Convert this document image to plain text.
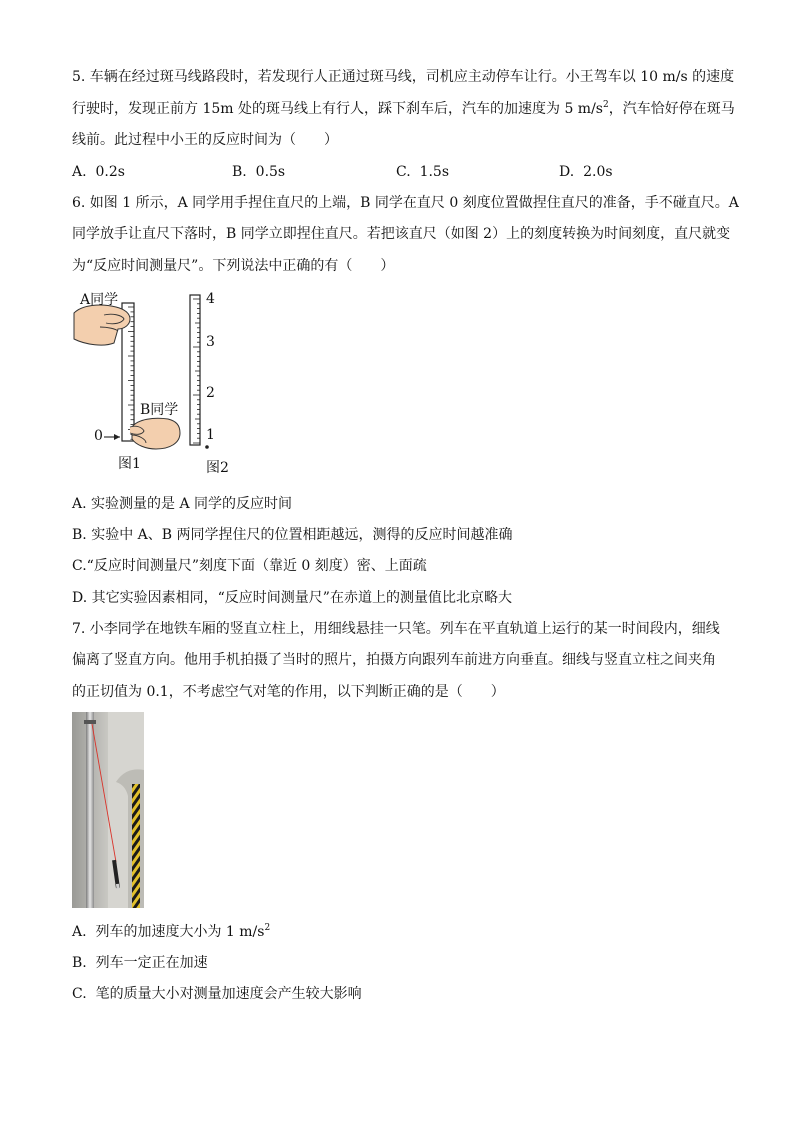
5. 车辆在经过斑马线路段时，若发现行人正通过斑马线，司机应主动停车让行。小王驾车以 10 m/s 的速度
行驶时，发现正前方 15m 处的斑马线上有行人，踩下刹车后，汽车的加速度为 5 $m/s^2$，汽车恰好停在斑马
线前。此过程中小王的反应时间为（　　）
A. 0.2s	B. 0.5s	C. 1.5s	D. 2.0s
6. 如图 1 所示，A 同学用手捏住直尺的上端，B 同学在直尺 0 刻度位置做捏住直尺的准备，手不碰直尺。A
同学放手让直尺下落时，B 同学立即捏住直尺。若把该直尺（如图 2）上的刻度转换为时间刻度，直尺就变
为“反应时间测量尺”。下列说法中正确的有（　　）
A同学
B同学
0
图1	图2
4
3
2
1
A. 实验测量的是 A 同学的反应时间
B. 实验中 A、B 两同学捏住尺的位置相距越远，测得的反应时间越准确
C.“反应时间测量尺”刻度下面（靠近 0 刻度）密、上面疏
D. 其它实验因素相同，“反应时间测量尺”在赤道上的测量值比北京略大
7. 小李同学在地铁车厢的竖直立柱上，用细线悬挂一只笔。列车在平直轨道上运行的某一时间段内，细线
偏离了竖直方向。他用手机拍摄了当时的照片，拍摄方向跟列车前进方向垂直。细线与竖直立柱之间夹角
的正切值为 0.1，不考虑空气对笔的作用，以下判断正确的是（　　）
A. 列车的加速度大小为 1 $m/s^2$
B. 列车一定正在加速
C. 笔的质量大小对测量加速度会产生较大影响
